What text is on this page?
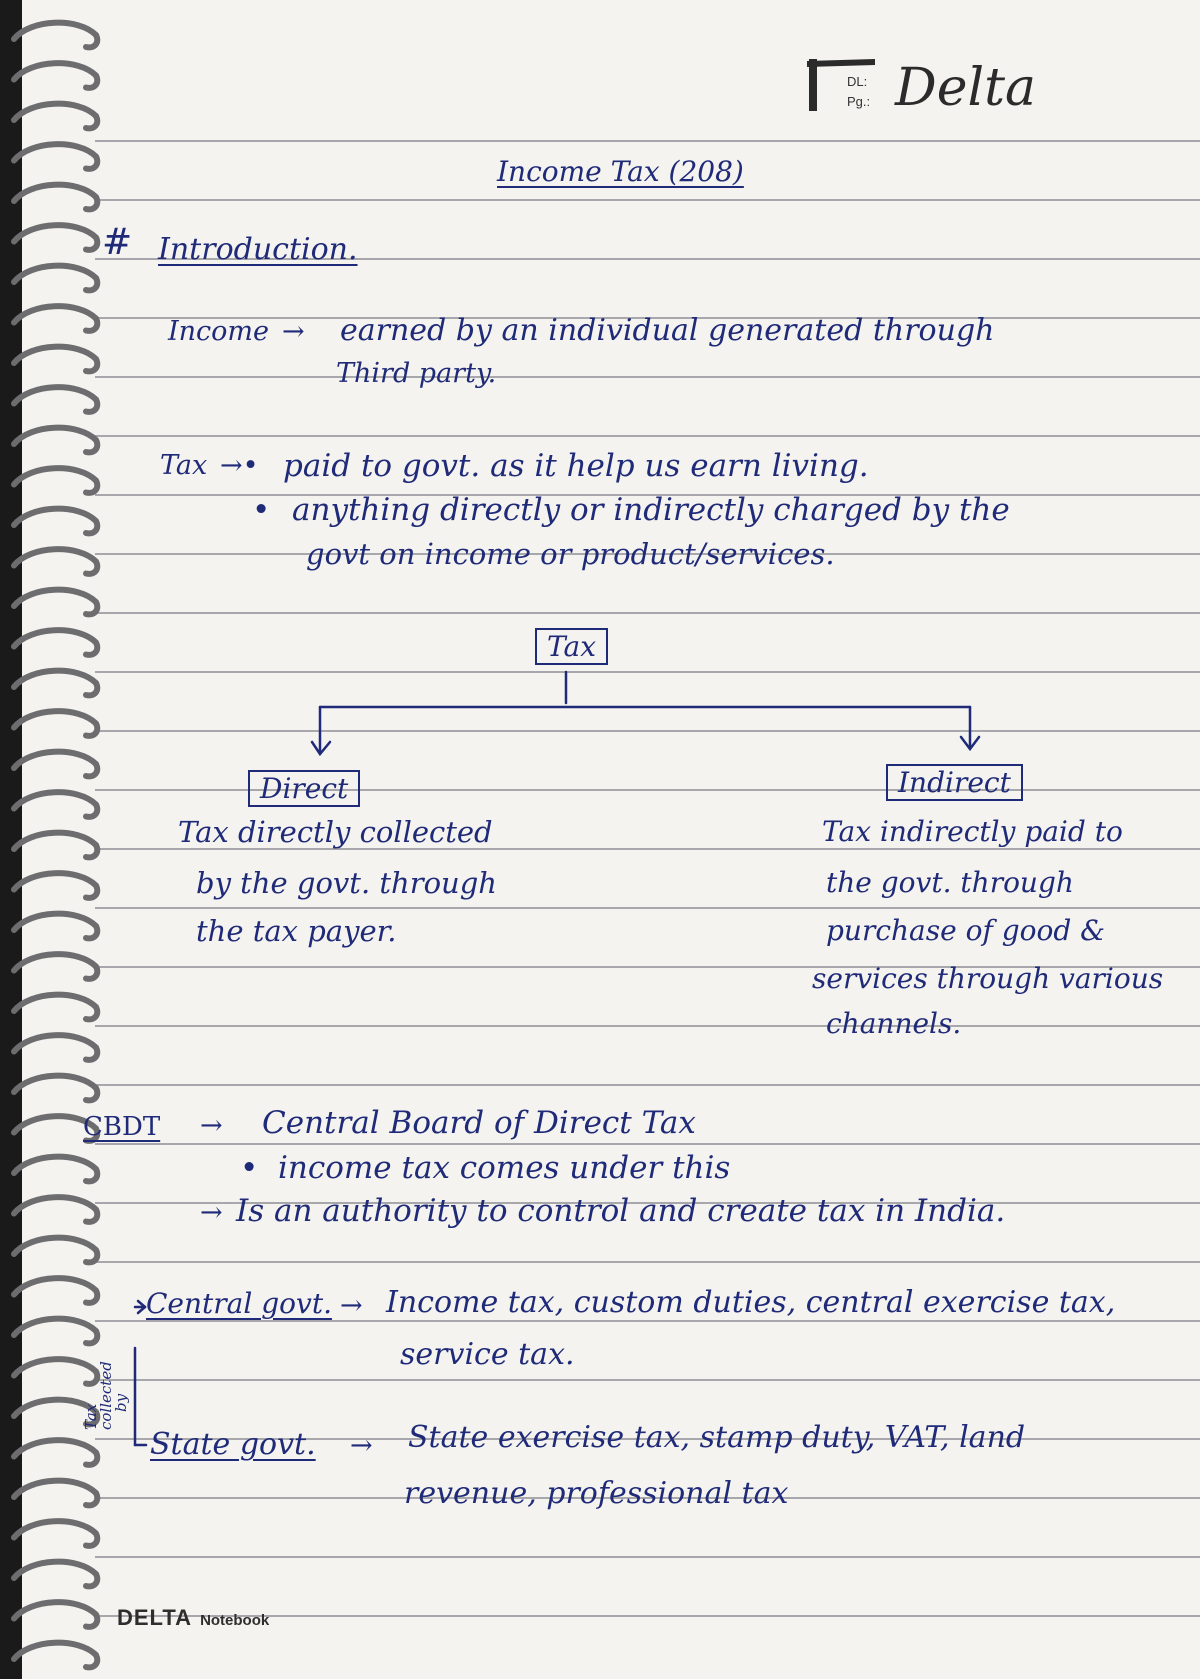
DL:
Pg.: Delta
Income Tax (208)
# Introduction.
Income → earned by an individual generated through
Third party.
Tax →• paid to govt. as it help us earn living.
• anything directly or indirectly charged by the
govt on income or product/services.
Tax
Direct
Tax directly collected
by the govt. through
the tax payer.
Indirect
Tax indirectly paid to
the govt. through
purchase of good &
services through various
channels.
CBDT → Central Board of Direct Tax
• income tax comes under this
→ Is an authority to control and create tax in India.
Tax
collected
by
Central govt. → Income tax, custom duties, central exercise tax,
service tax.
State govt. → State exercise tax, stamp duty, VAT, land
revenue, professional tax
DELTA Notebook
